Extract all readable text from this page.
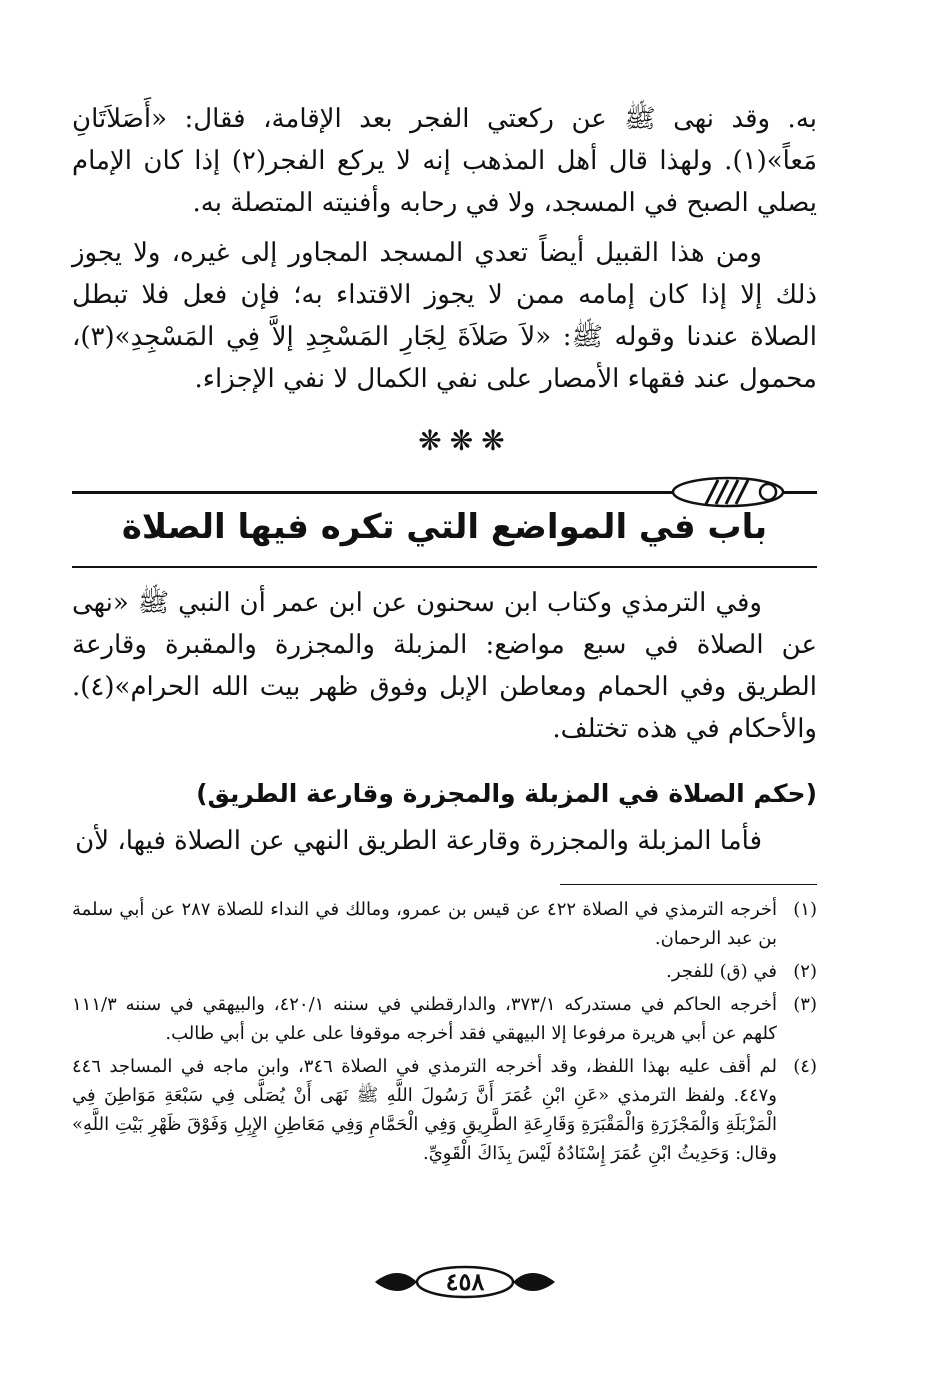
به. وقد نهى ﷺ عن ركعتي الفجر بعد الإقامة، فقال: «أَصَلاَتَانِ مَعاً»(١). ولهذا قال أهل المذهب إنه لا يركع الفجر(٢) إذا كان الإمام يصلي الصبح في المسجد، ولا في رحابه وأفنيته المتصلة به.

ومن هذا القبيل أيضاً تعدي المسجد المجاور إلى غيره، ولا يجوز ذلك إلا إذا كان إمامه ممن لا يجوز الاقتداء به؛ فإن فعل فلا تبطل الصلاة عندنا وقوله ﷺ: «لاَ صَلاَةَ لِجَارِ المَسْجِدِ إلاَّ فِي المَسْجِدِ»(٣)، محمول عند فقهاء الأمصار على نفي الكمال لا نفي الإجزاء.

❋❋❋
باب في المواضع التي تكره فيها الصلاة

وفي الترمذي وكتاب ابن سحنون عن ابن عمر أن النبي ﷺ «نهى عن الصلاة في سبع مواضع: المزبلة والمجزرة والمقبرة وقارعة الطريق وفي الحمام ومعاطن الإبل وفوق ظهر بيت الله الحرام»(٤). والأحكام في هذه تختلف.

(حكم الصلاة في المزبلة والمجزرة وقارعة الطريق)

فأما المزبلة والمجزرة وقارعة الطريق النهي عن الصلاة فيها، لأن

(١)
أخرجه الترمذي في الصلاة ٤٢٢ عن قيس بن عمرو، ومالك في النداء للصلاة ٢٨٧ عن أبي سلمة بن عبد الرحمان.
(٢)
في (ق) للفجر.
(٣)
أخرجه الحاكم في مستدركه ٣٧٣/١، والدارقطني في سننه ٤٢٠/١، والبيهقي في سننه ١١١/٣ كلهم عن أبي هريرة مرفوعا إلا البيهقي فقد أخرجه موقوفا على علي بن أبي طالب.
(٤)
لم أقف عليه بهذا اللفظ، وقد أخرجه الترمذي في الصلاة ٣٤٦، وابن ماجه في المساجد ٤٤٦ و٤٤٧. ولفظ الترمذي «عَنِ ابْنِ عُمَرَ أَنَّ رَسُولَ اللَّهِ ﷺ نَهَى أَنْ يُصَلَّى فِي سَبْعَةِ مَوَاطِنَ فِي الْمَزْبَلَةِ وَالْمَجْزَرَةِ وَالْمَقْبَرَةِ وَقَارِعَةِ الطَّرِيقِ وَفِي الْحَمَّامِ وَفِي مَعَاطِنِ الإِبِلِ وَفَوْقَ ظَهْرِ بَيْتِ اللَّهِ» وقال: وَحَدِيثُ ابْنِ عُمَرَ إِسْنَادُهُ لَيْسَ بِذَاكَ الْقَوِيِّ.
٤٥٨
